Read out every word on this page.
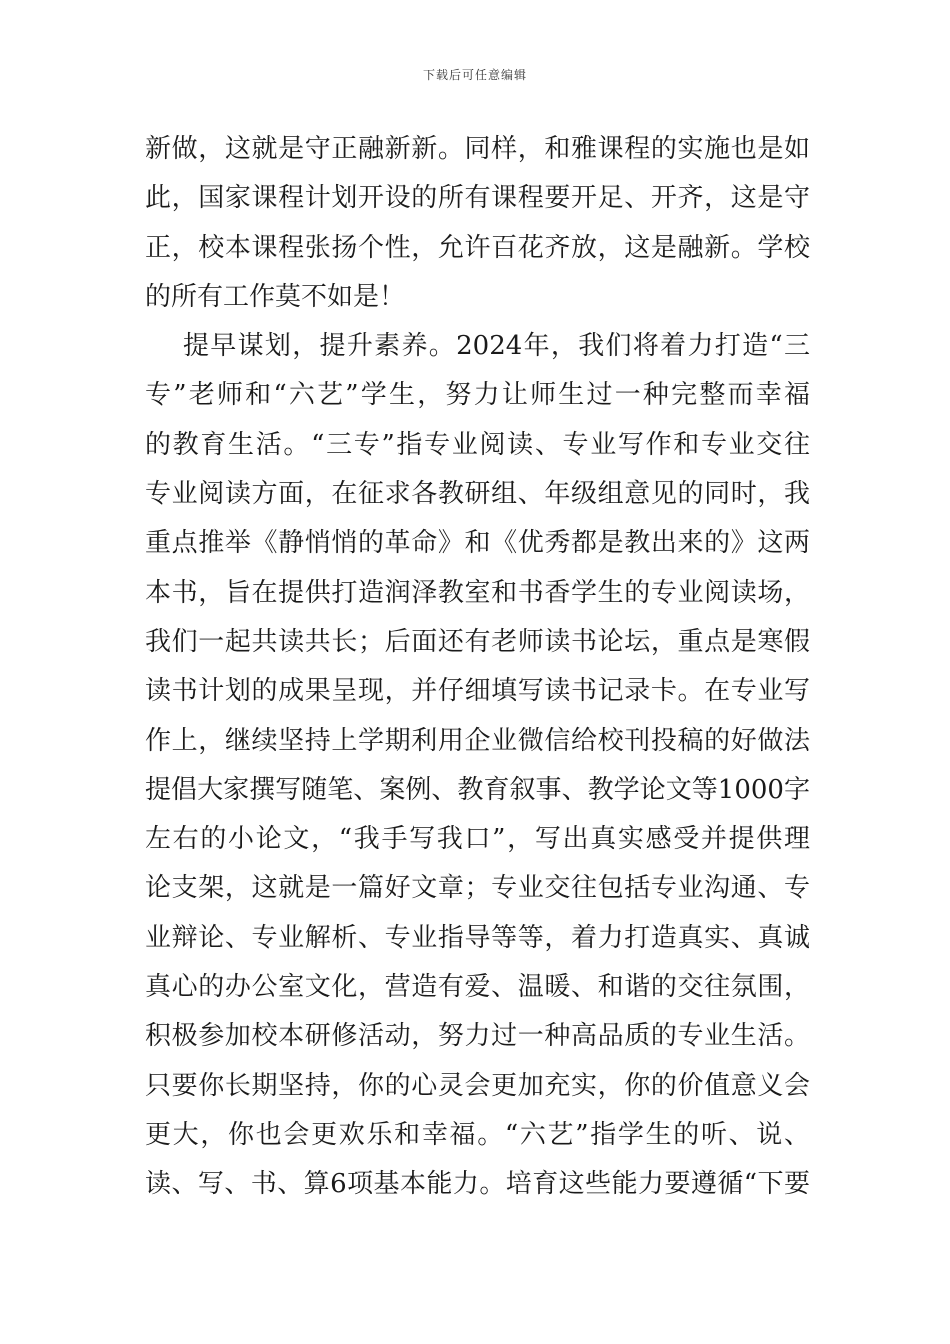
下载后可任意编辑
新做，这就是守正融新新。同样，和雅课程的实施也是如
此，国家课程计划开设的所有课程要开足、开齐，这是守
正，校本课程张扬个性，允许百花齐放，这是融新。学校
的所有工作莫不如是！
提早谋划，提升素养。2024年，我们将着力打造“三
专”老师和“六艺”学生，努力让师生过一种完整而幸福
的教育生活。“三专”指专业阅读、专业写作和专业交往
专业阅读方面，在征求各教研组、年级组意见的同时，我
重点推举《静悄悄的革命》和《优秀都是教出来的》这两
本书，旨在提供打造润泽教室和书香学生的专业阅读场，
我们一起共读共长；后面还有老师读书论坛，重点是寒假
读书计划的成果呈现，并仔细填写读书记录卡。在专业写
作上，继续坚持上学期利用企业微信给校刊投稿的好做法
提倡大家撰写随笔、案例、教育叙事、教学论文等1000字
左右的小论文，“我手写我口”，写出真实感受并提供理
论支架，这就是一篇好文章；专业交往包括专业沟通、专
业辩论、专业解析、专业指导等等，着力打造真实、真诚
真心的办公室文化，营造有爱、温暖、和谐的交往氛围，
积极参加校本研修活动，努力过一种高品质的专业生活。
只要你长期坚持，你的心灵会更加充实，你的价值意义会
更大，你也会更欢乐和幸福。“六艺”指学生的听、说、
读、写、书、算6项基本能力。培育这些能力要遵循“下要
